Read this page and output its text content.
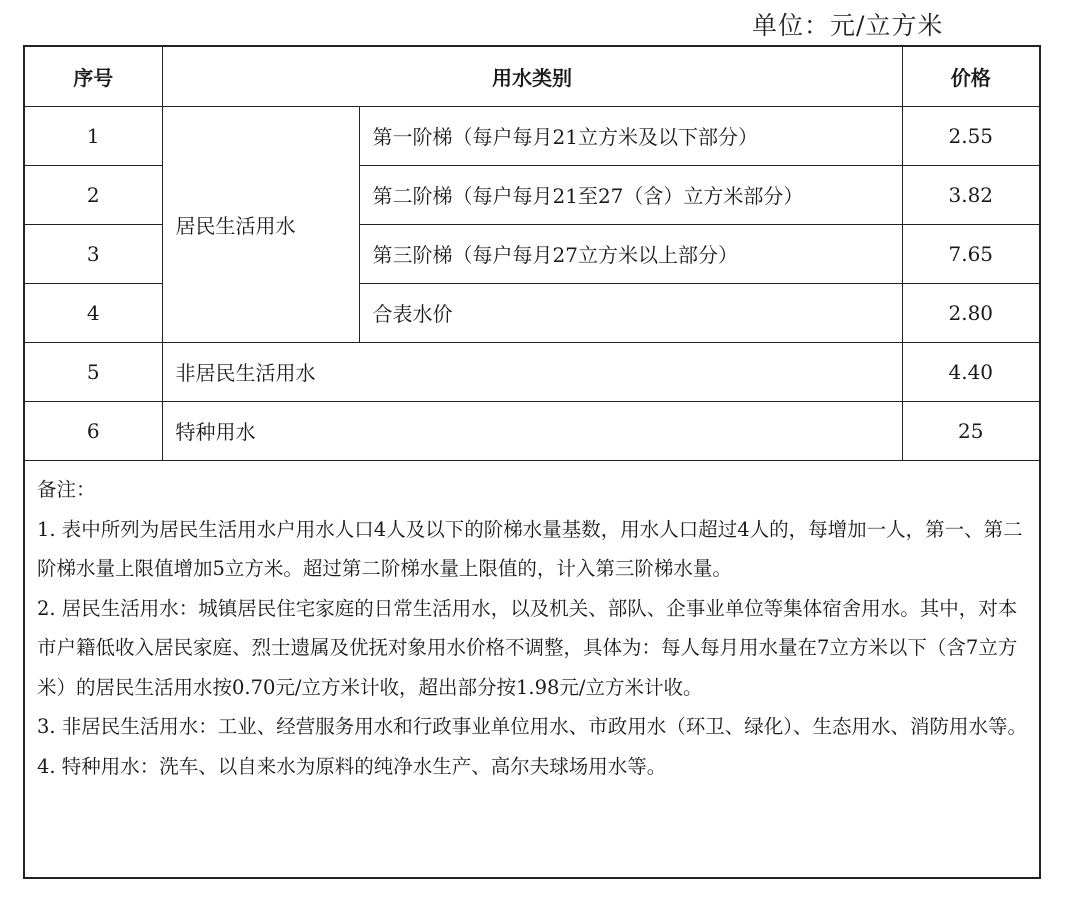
单位：元/立方米
序号	用水类别		价格
1	居民生活用水	第一阶梯（每户每月21立方米及以下部分）	2.55
2		第二阶梯（每户每月21至27（含）立方米部分）	3.82
3		第三阶梯（每户每月27立方米以上部分）	7.65
4		合表水价	2.80
5	非居民生活用水		4.40
6	特种用水		25

备注：

1. 表中所列为居民生活用水户用水人口4人及以下的阶梯水量基数，用水人口超过4人的，每增加一人，第一、第二阶梯水量上限值增加5立方米。超过第二阶梯水量上限值的，计入第三阶梯水量。

2. 居民生活用水：城镇居民住宅家庭的日常生活用水，以及机关、部队、企事业单位等集体宿舍用水。其中，对本市户籍低收入居民家庭、烈士遗属及优抚对象用水价格不调整，具体为：每人每月用水量在7立方米以下（含7立方米）的居民生活用水按0.70元/立方米计收，超出部分按1.98元/立方米计收。

3. 非居民生活用水：工业、经营服务用水和行政事业单位用水、市政用水（环卫、绿化）、生态用水、消防用水等。

4. 特种用水：洗车、以自来水为原料的纯净水生产、高尔夫球场用水等。
